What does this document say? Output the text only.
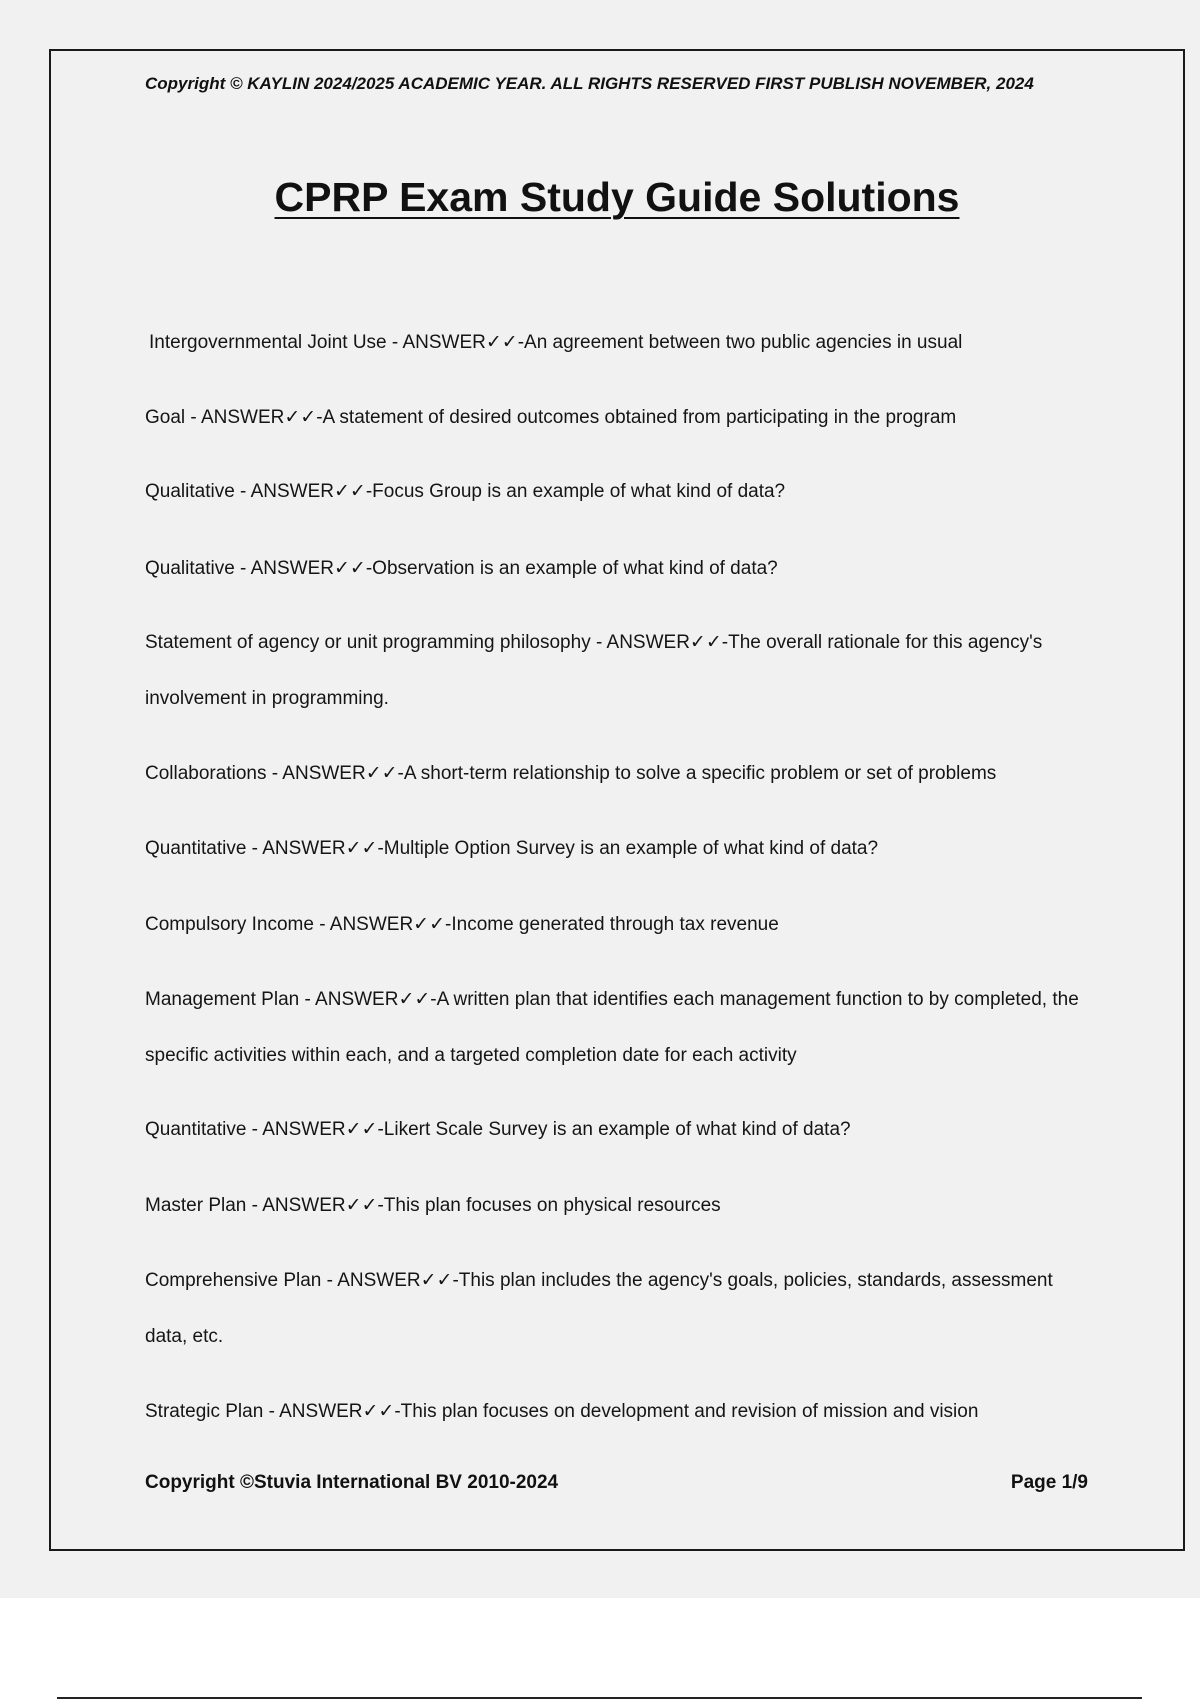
Copyright © KAYLIN 2024/2025 ACADEMIC YEAR. ALL RIGHTS RESERVED FIRST PUBLISH NOVEMBER, 2024
CPRP Exam Study Guide Solutions

Intergovernmental Joint Use - ANSWER✓✓-An agreement between two public agencies in usual

Goal - ANSWER✓✓-A statement of desired outcomes obtained from participating in the program

Qualitative - ANSWER✓✓-Focus Group is an example of what kind of data?

Qualitative - ANSWER✓✓-Observation is an example of what kind of data?

Statement of agency or unit programming philosophy - ANSWER✓✓-The overall rationale for this agency's involvement in programming.

Collaborations - ANSWER✓✓-A short-term relationship to solve a specific problem or set of problems

Quantitative - ANSWER✓✓-Multiple Option Survey is an example of what kind of data?

Compulsory Income - ANSWER✓✓-Income generated through tax revenue

Management Plan - ANSWER✓✓-A written plan that identifies each management function to by completed, the specific activities within each, and a targeted completion date for each activity

Quantitative - ANSWER✓✓-Likert Scale Survey is an example of what kind of data?

Master Plan - ANSWER✓✓-This plan focuses on physical resources

Comprehensive Plan - ANSWER✓✓-This plan includes the agency's goals, policies, standards, assessment data, etc.

Strategic Plan - ANSWER✓✓-This plan focuses on development and revision of mission and vision

Copyright ©Stuvia International BV 2010-2024	Page 1/9
